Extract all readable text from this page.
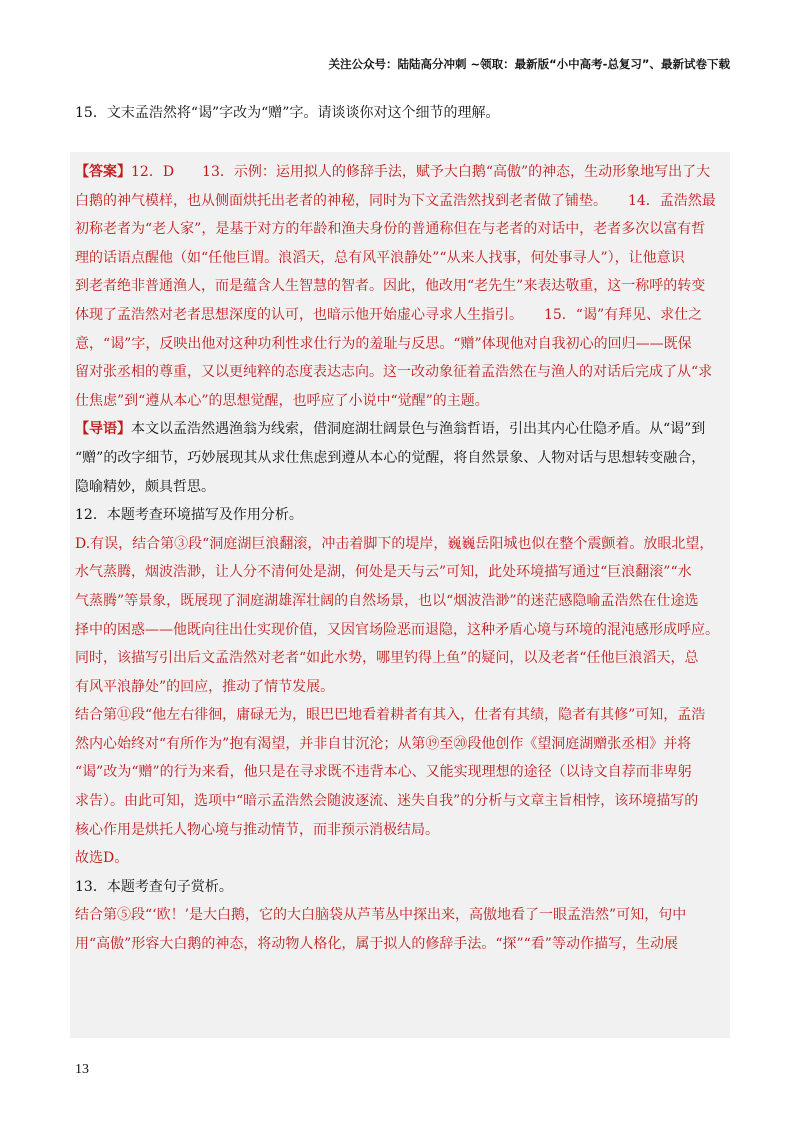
关注公众号：陆陆高分冲刺 ~领取：最新版“小中高考-总复习”、最新试卷下载
15．文末孟浩然将“谒”字改为“赠”字。请谈谈你对这个细节的理解。
【答案】12．D　　13．示例：运用拟人的修辞手法，赋予大白鹅“高傲”的神态，生动形象地写出了大
白鹅的神气模样，也从侧面烘托出老者的神秘，同时为下文孟浩然找到老者做了铺垫。　　14．孟浩然最
初称老者为“老人家”，是基于对方的年龄和渔夫身份的普通称但在与老者的对话中，老者多次以富有哲
理的话语点醒他（如“任他巨谓。浪滔天，总有风平浪静处”“从来人找事，何处事寻人”），让他意识
到老者绝非普通渔人，而是蕴含人生智慧的智者。因此，他改用“老先生”来表达敬重，这一称呼的转变
体现了孟浩然对老者思想深度的认可，也暗示他开始虚心寻求人生指引。　　15．“谒”有拜见、求仕之
意，“谒”字，反映出他对这种功利性求仕行为的羞耻与反思。“赠”体现他对自我初心的回归——既保
留对张丞相的尊重，又以更纯粹的态度表达志向。这一改动象征着孟浩然在与渔人的对话后完成了从“求
仕焦虑”到“遵从本心”的思想觉醒，也呼应了小说中“觉醒”的主题。
【导语】本文以孟浩然遇渔翁为线索，借洞庭湖壮阔景色与渔翁哲语，引出其内心仕隐矛盾。从“谒”到
“赠”的改字细节，巧妙展现其从求仕焦虑到遵从本心的觉醒，将自然景象、人物对话与思想转变融合，
隐喻精妙，颇具哲思。
12．本题考查环境描写及作用分析。
D.有误，结合第③段“洞庭湖巨浪翻滚，冲击着脚下的堤岸，巍巍岳阳城也似在整个震颤着。放眼北望，
水气蒸腾，烟波浩渺，让人分不清何处是湖，何处是天与云”可知，此处环境描写通过“巨浪翻滚”“水
气蒸腾”等景象，既展现了洞庭湖雄浑壮阔的自然场景，也以“烟波浩渺”的迷茫感隐喻孟浩然在仕途选
择中的困惑——他既向往出仕实现价值，又因官场险恶而退隐，这种矛盾心境与环境的混沌感形成呼应。
同时，该描写引出后文孟浩然对老者“如此水势，哪里钓得上鱼”的疑问，以及老者“任他巨浪滔天，总
有风平浪静处”的回应，推动了情节发展。
结合第⑪段“他左右徘徊，庸碌无为，眼巴巴地看着耕者有其入，仕者有其绩，隐者有其修”可知，孟浩
然内心始终对“有所作为”抱有渴望，并非自甘沉沦；从第⑲至⑳段他创作《望洞庭湖赠张丞相》并将
“谒”改为“赠”的行为来看，他只是在寻求既不违背本心、又能实现理想的途径（以诗文自荐而非卑躬
求告）。由此可知，选项中“暗示孟浩然会随波逐流、迷失自我”的分析与文章主旨相悖，该环境描写的
核心作用是烘托人物心境与推动情节，而非预示消极结局。
故选D。
13．本题考查句子赏析。
结合第⑤段“‘欧！’是大白鹅，它的大白脑袋从芦苇丛中探出来，高傲地看了一眼孟浩然”可知，句中
用“高傲”形容大白鹅的神态，将动物人格化，属于拟人的修辞手法。“探”“看”等动作描写，生动展
13
